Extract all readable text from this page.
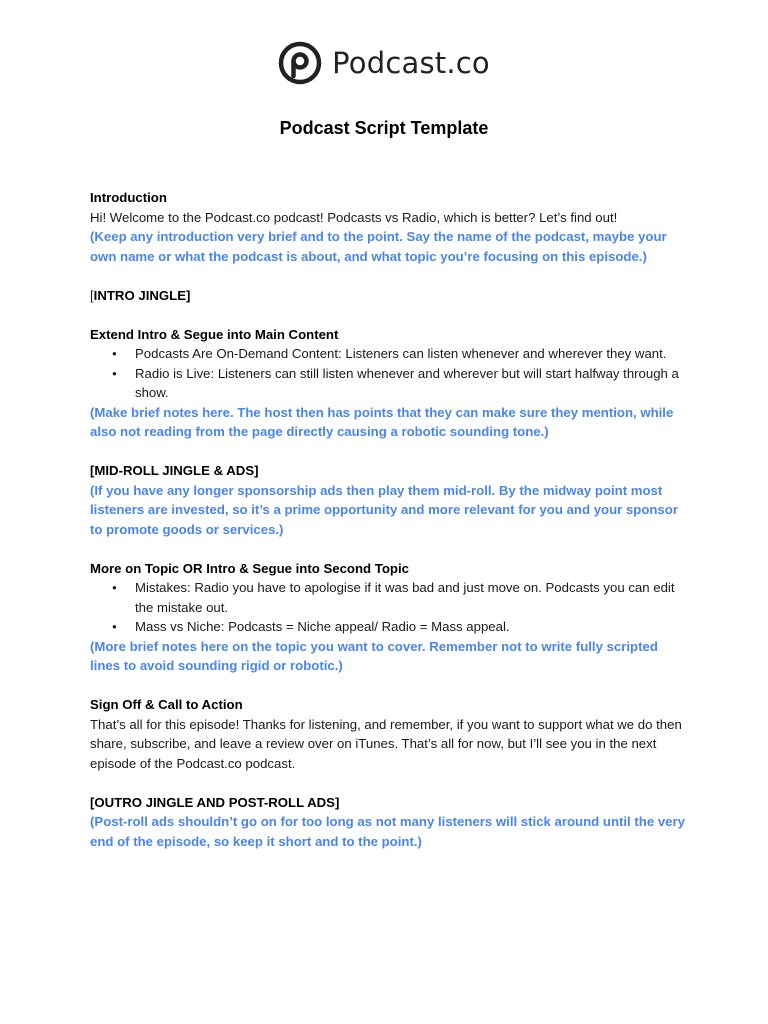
Podcast.co
Podcast Script Template

Introduction

Hi! Welcome to the Podcast.co podcast! Podcasts vs Radio, which is better? Let’s find out!

(Keep any introduction very brief and to the point. Say the name of the podcast, maybe your own name or what the podcast is about, and what topic you’re focusing on this episode.)

[INTRO JINGLE]

Extend Intro & Segue into Main Content

● Podcasts Are On-Demand Content: Listeners can listen whenever and wherever they want.
● Radio is Live: Listeners can still listen whenever and wherever but will start halfway through a show.

(Make brief notes here. The host then has points that they can make sure they mention, while also not reading from the page directly causing a robotic sounding tone.)

[MID-ROLL JINGLE & ADS]

(If you have any longer sponsorship ads then play them mid-roll. By the midway point most listeners are invested, so it’s a prime opportunity and more relevant for you and your sponsor to promote goods or services.)

More on Topic OR Intro & Segue into Second Topic

● Mistakes: Radio you have to apologise if it was bad and just move on. Podcasts you can edit the mistake out.
● Mass vs Niche: Podcasts = Niche appeal/ Radio = Mass appeal.

(More brief notes here on the topic you want to cover. Remember not to write fully scripted lines to avoid sounding rigid or robotic.)

Sign Off & Call to Action

That’s all for this episode! Thanks for listening, and remember, if you want to support what we do then share, subscribe, and leave a review over on iTunes. That’s all for now, but I’ll see you in the next episode of the Podcast.co podcast.

[OUTRO JINGLE AND POST-ROLL ADS]

(Post-roll ads shouldn’t go on for too long as not many listeners will stick around until the very end of the episode, so keep it short and to the point.)
